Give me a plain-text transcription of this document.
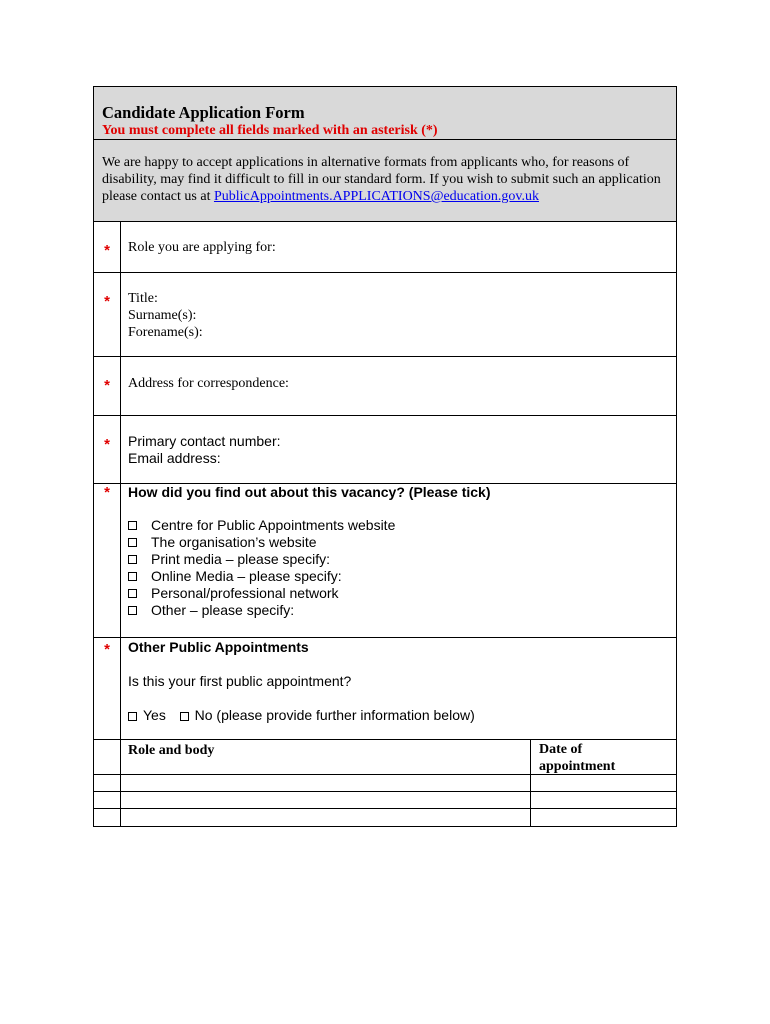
Candidate Application Form
You must complete all fields marked with an asterisk (*)
We are happy to accept applications in alternative formats from applicants who, for reasons of disability, may find it difficult to fill in our standard form. If you wish to submit such an application please contact us at PublicAppointments.APPLICATIONS@education.gov.uk
*	Role you are applying for:
*	Title:
Surname(s):
Forename(s):
*	Address for correspondence:
*	Primary contact number:
Email address:
*	How did you find out about this vacancy? (Please tick)
Centre for Public Appointments website
The organisation’s website
Print media – please specify:
Online Media – please specify:
Personal/professional network
Other – please specify:
*	Other Public Appointments
Is this your first public appointment?
Yes No (please provide further information below)
Role and body	Date of appointment
